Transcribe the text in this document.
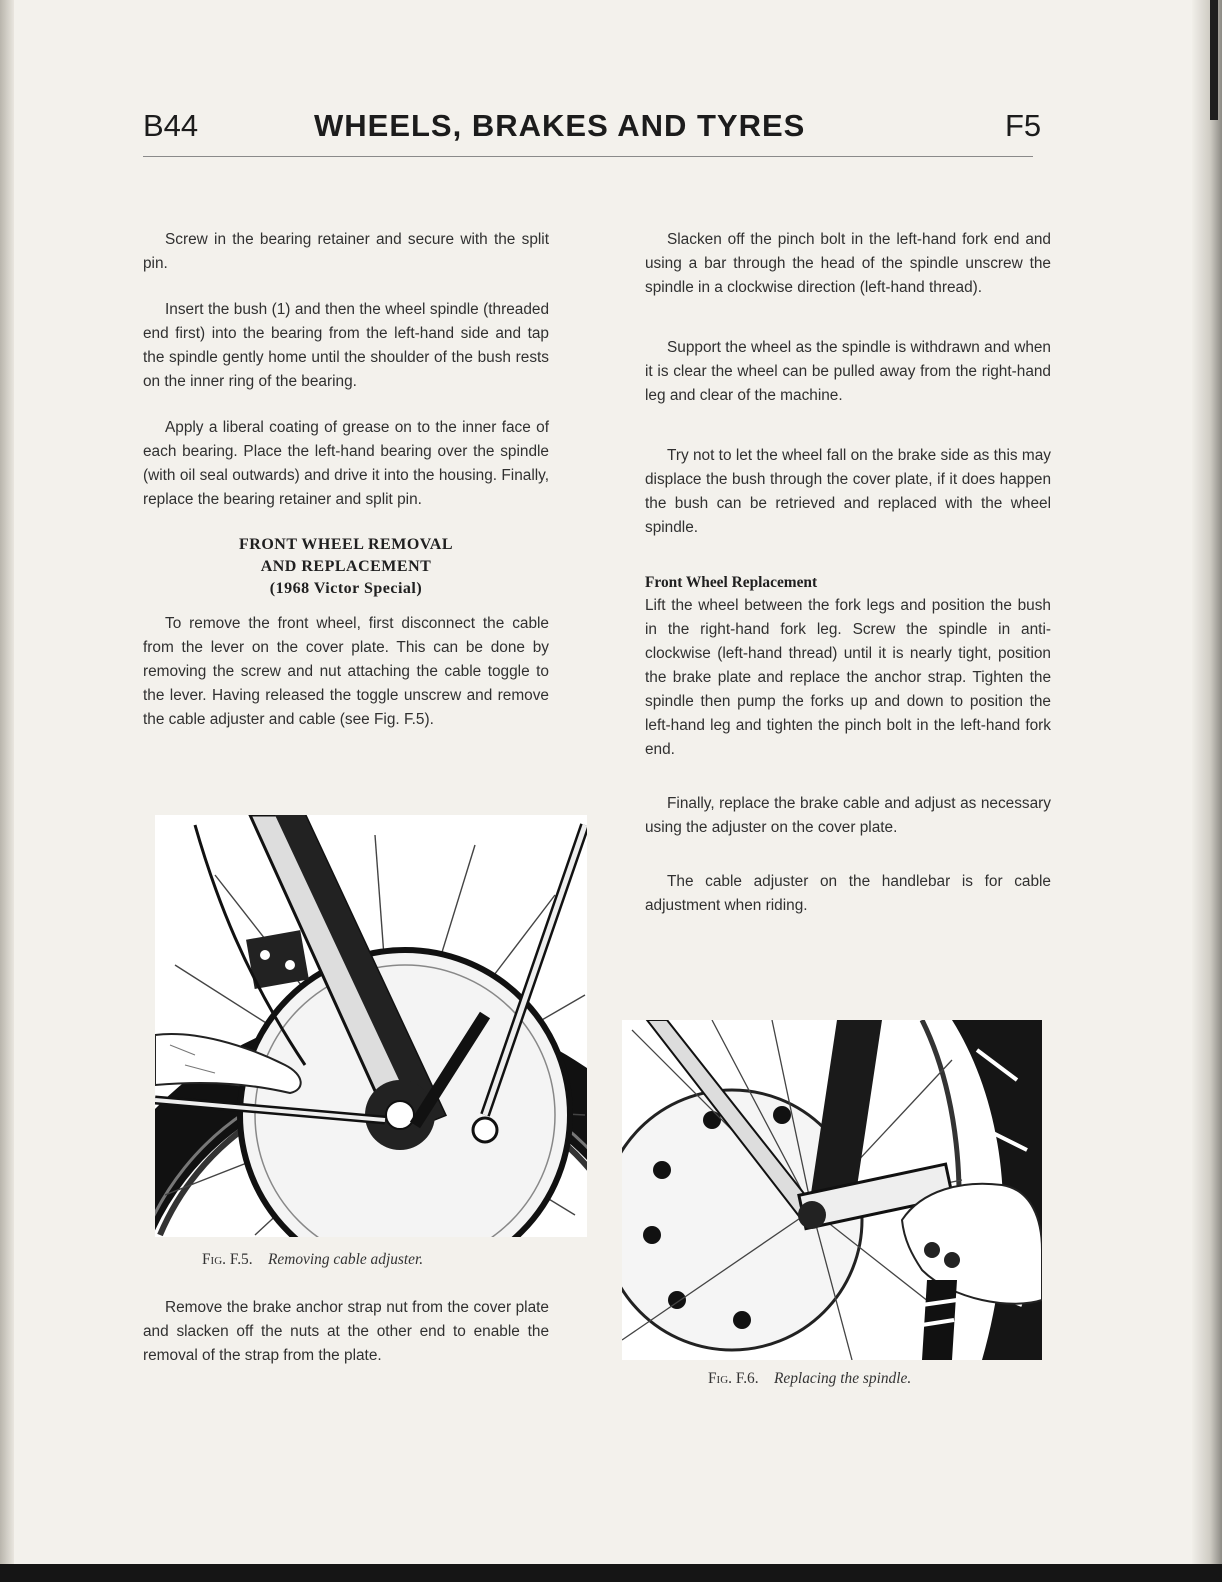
B44	WHEELS, BRAKES AND TYRES	F5

Screw in the bearing retainer and secure with the split pin.

Insert the bush (1) and then the wheel spindle (threaded end first) into the bearing from the left-hand side and tap the spindle gently home until the shoulder of the bush rests on the inner ring of the bearing.

Apply a liberal coating of grease on to the inner face of each bearing. Place the left-hand bearing over the spindle (with oil seal outwards) and drive it into the housing. Finally, replace the bearing retainer and split pin.

FRONT WHEEL REMOVAL
AND REPLACEMENT
(1968 Victor Special)

To remove the front wheel, first disconnect the cable from the lever on the cover plate. This can be done by removing the screw and nut attaching the cable toggle to the lever. Having released the toggle unscrew and remove the cable adjuster and cable (see Fig. F.5).

Fig. F.5. Removing cable adjuster.

Remove the brake anchor strap nut from the cover plate and slacken off the nuts at the other end to enable the removal of the strap from the plate.

Slacken off the pinch bolt in the left-hand fork end and using a bar through the head of the spindle unscrew the spindle in a clockwise direction (left-hand thread).

Support the wheel as the spindle is withdrawn and when it is clear the wheel can be pulled away from the right-hand leg and clear of the machine.

Try not to let the wheel fall on the brake side as this may displace the bush through the cover plate, if it does happen the bush can be retrieved and replaced with the wheel spindle.

Front Wheel Replacement

Lift the wheel between the fork legs and position the bush in the right-hand fork leg. Screw the spindle in anti-clockwise (left-hand thread) until it is nearly tight, position the brake plate and replace the anchor strap. Tighten the spindle then pump the forks up and down to position the left-hand leg and tighten the pinch bolt in the left-hand fork end.

Finally, replace the brake cable and adjust as necessary using the adjuster on the cover plate.

The cable adjuster on the handlebar is for cable adjustment when riding.

Fig. F.6. Replacing the spindle.
